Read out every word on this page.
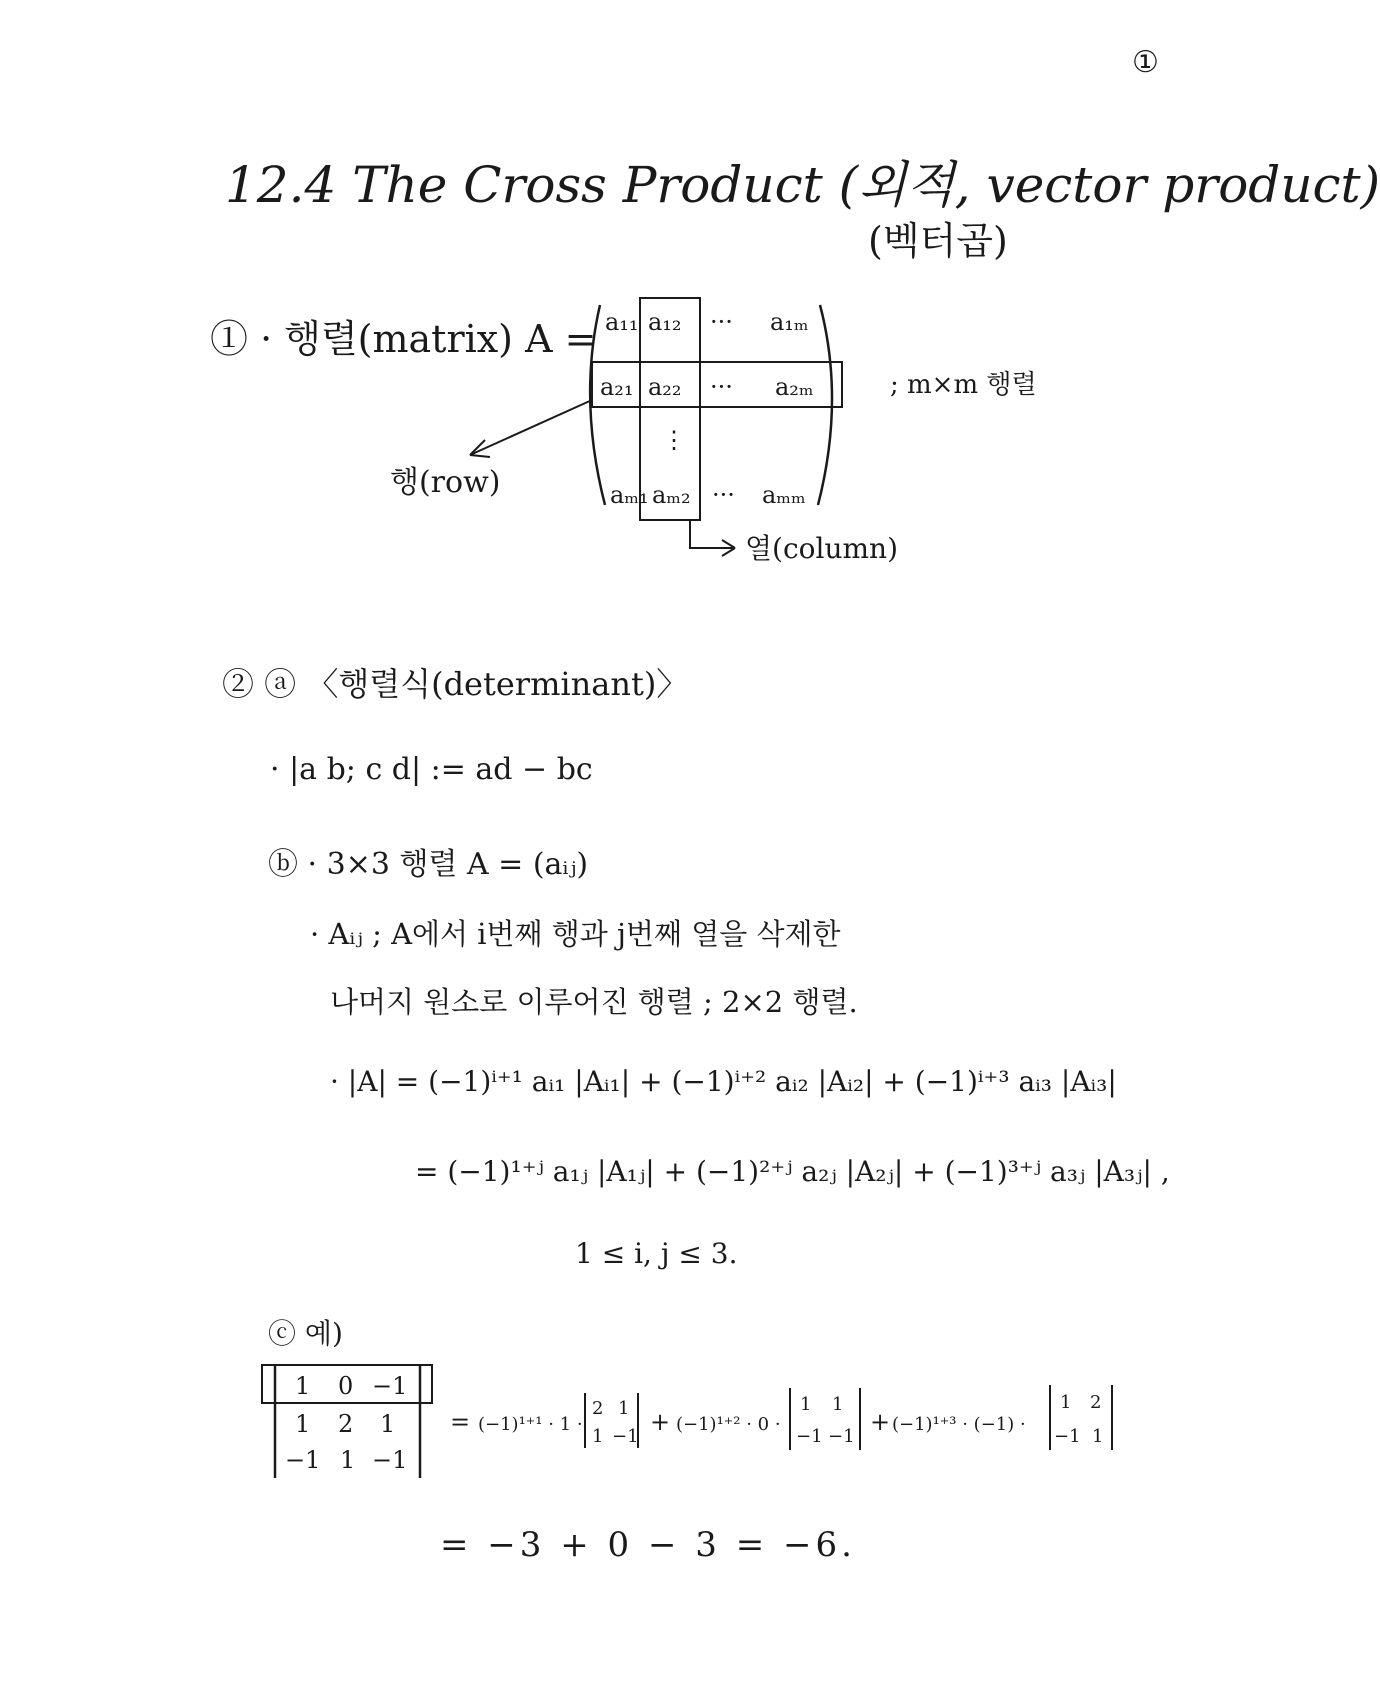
①
12.4 The Cross Product (외적, vector product)
(벡터곱)
① · 행렬(matrix) A =
; m×m 행렬
행(row)
열(column)
a₁₁ a₁₂ ··· a₁ₘ
a₂₁ a₂₂ ··· a₂ₘ
⋮
aₘ₁ aₘ₂ ··· aₘₘ
1 0 −1
1 2 1
−1 1 −1
= (−1)¹⁺¹ · 1 ·
2 1
1 −1
+ (−1)¹⁺² · 0 ·
1 1
−1 −1
+ (−1)¹⁺³ · (−1) ·
1 2
−1 1
② ⓐ 〈행렬식(determinant)〉
· |a b; c d| := ad − bc
ⓑ · 3×3 행렬 A = (aᵢⱼ)
· Aᵢⱼ ; A에서 i번째 행과 j번째 열을 삭제한
나머지 원소로 이루어진 행렬 ; 2×2 행렬.
· |A| = (−1)ⁱ⁺¹ aᵢ₁ |Aᵢ₁| + (−1)ⁱ⁺² aᵢ₂ |Aᵢ₂| + (−1)ⁱ⁺³ aᵢ₃ |Aᵢ₃|
= (−1)¹⁺ʲ a₁ⱼ |A₁ⱼ| + (−1)²⁺ʲ a₂ⱼ |A₂ⱼ| + (−1)³⁺ʲ a₃ⱼ |A₃ⱼ| ,
1 ≤ i, j ≤ 3.
ⓒ 예)
= −3 + 0 − 3 = −6.
